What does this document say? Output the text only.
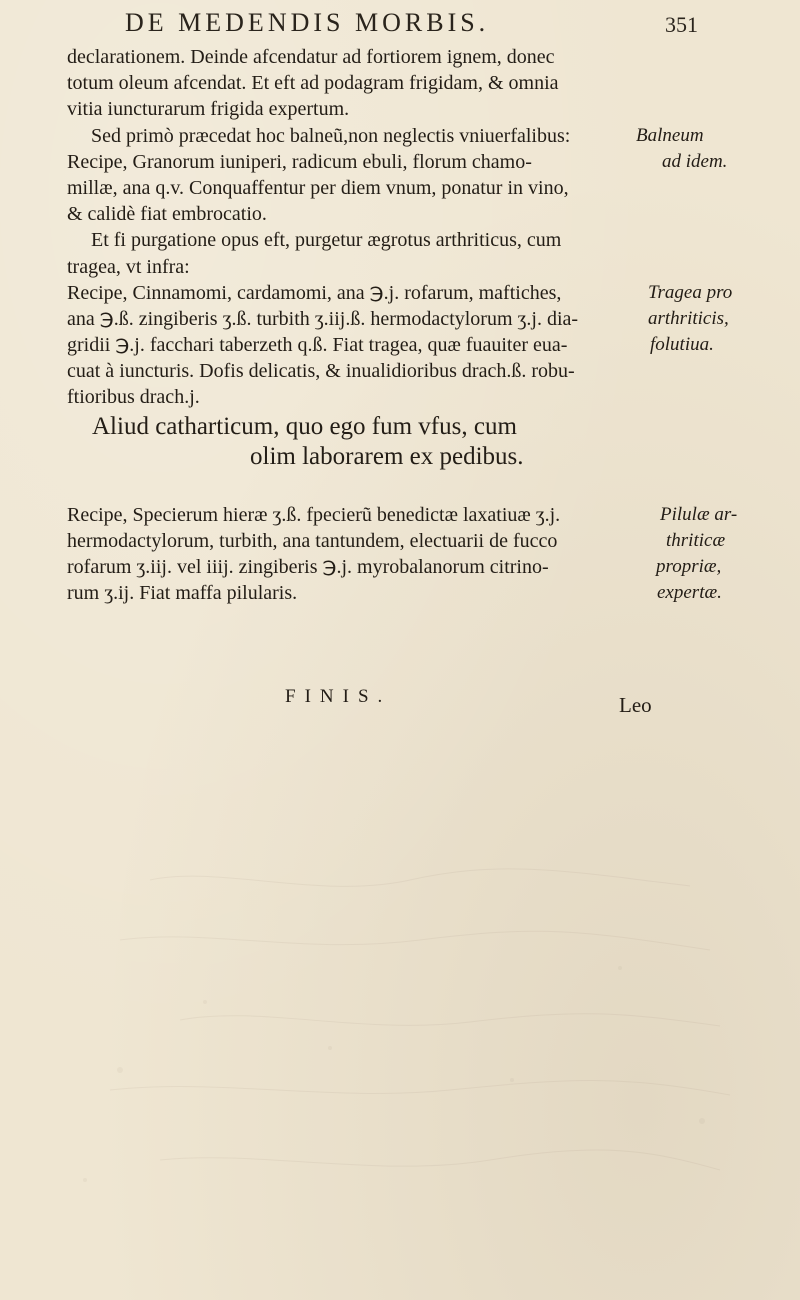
DE MEDENDIS MORBIS.	351
declarationem. Deinde afcendatur ad fortiorem ignem, donec
totum oleum afcendat. Et eft ad podagram frigidam, & omnia
vitia iuncturarum frigida expertum.
Sed primò præcedat hoc balneũ,non neglectis vniuerfalibus:
Recipe, Granorum iuniperi, radicum ebuli, florum chamo-
millæ, ana q.v. Conquaffentur per diem vnum, ponatur in vino,
& calidè fiat embrocatio.
Et fi purgatione opus eft, purgetur ægrotus arthriticus, cum
tragea, vt infra:
Recipe, Cinnamomi, cardamomi, ana ℈.j. rofarum, maftiches,
ana ℈.ß. zingiberis ʒ.ß. turbith ʒ.iij.ß. hermodactylorum ʒ.j. dia-
gridii ℈.j. facchari taberzeth q.ß. Fiat tragea, quæ fuauiter eua-
cuat à iuncturis. Dofis delicatis, & inualidioribus drach.ß. robu-
ftioribus drach.j.
Aliud catharticum, quo ego fum vfus, cum
olim laborarem ex pedibus.
Recipe, Specierum hieræ ʒ.ß. fpecierũ benedictæ laxatiuæ ʒ.j.
hermodactylorum, turbith, ana tantundem, electuarii de fucco
rofarum ʒ.iij. vel iiij. zingiberis ℈.j. myrobalanorum citrino-
rum ʒ.ij. Fiat maffa pilularis.
Balneum
ad idem.
Tragea pro
arthriticis,
folutiua.
Pilulæ ar-
thriticæ
propriæ,
expertæ.
FINIS.	Leo
